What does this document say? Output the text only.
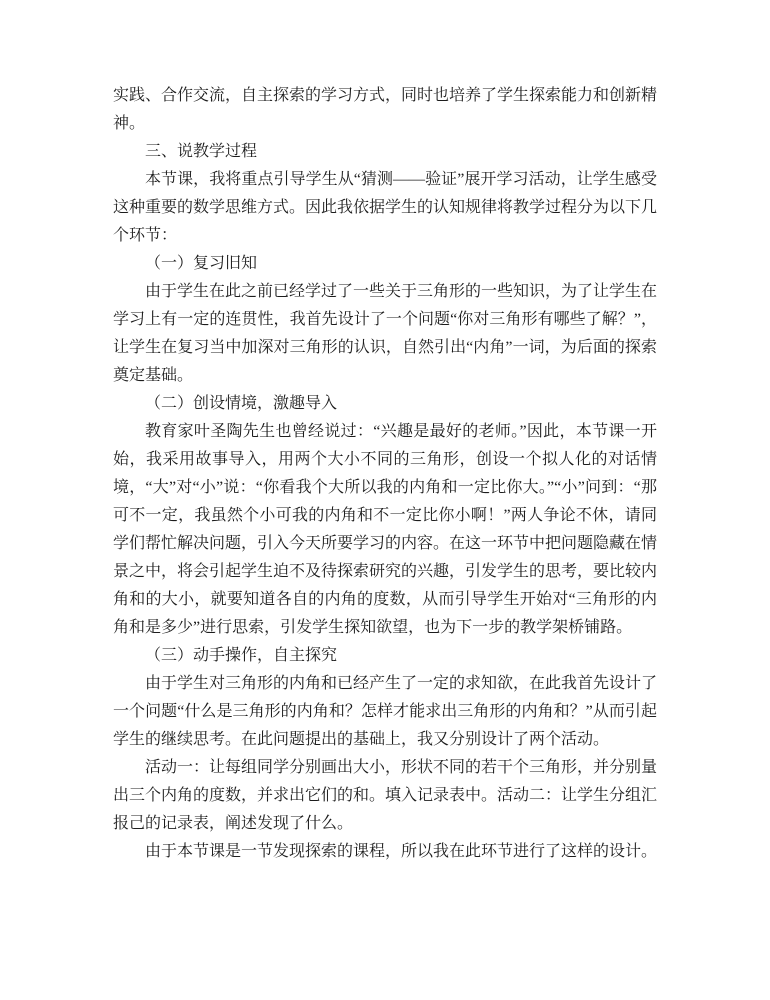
实践、合作交流，自主探索的学习方式，同时也培养了学生探索能力和创新精神。

三、说教学过程

本节课，我将重点引导学生从“猜测——验证”展开学习活动，让学生感受这种重要的数学思维方式。因此我依据学生的认知规律将教学过程分为以下几个环节：

（一）复习旧知

由于学生在此之前已经学过了一些关于三角形的一些知识，为了让学生在学习上有一定的连贯性，我首先设计了一个问题“你对三角形有哪些了解？”，让学生在复习当中加深对三角形的认识，自然引出“内角”一词，为后面的探索奠定基础。

（二）创设情境，激趣导入

教育家叶圣陶先生也曾经说过：“兴趣是最好的老师。”因此，本节课一开始，我采用故事导入，用两个大小不同的三角形，创设一个拟人化的对话情境，“大”对“小”说：“你看我个大所以我的内角和一定比你大。”“小”问到：“那可不一定，我虽然个小可我的内角和不一定比你小啊！”两人争论不休，请同学们帮忙解决问题，引入今天所要学习的内容。在这一环节中把问题隐藏在情景之中，将会引起学生迫不及待探索研究的兴趣，引发学生的思考，要比较内角和的大小，就要知道各自的内角的度数，从而引导学生开始对“三角形的内角和是多少”进行思索，引发学生探知欲望，也为下一步的教学架桥铺路。

（三）动手操作，自主探究

由于学生对三角形的内角和已经产生了一定的求知欲，在此我首先设计了一个问题“什么是三角形的内角和？怎样才能求出三角形的内角和？”从而引起学生的继续思考。在此问题提出的基础上，我又分别设计了两个活动。

活动一：让每组同学分别画出大小，形状不同的若干个三角形，并分别量出三个内角的度数，并求出它们的和。填入记录表中。活动二：让学生分组汇报己的记录表，阐述发现了什么。

由于本节课是一节发现探索的课程，所以我在此环节进行了这样的设计。
